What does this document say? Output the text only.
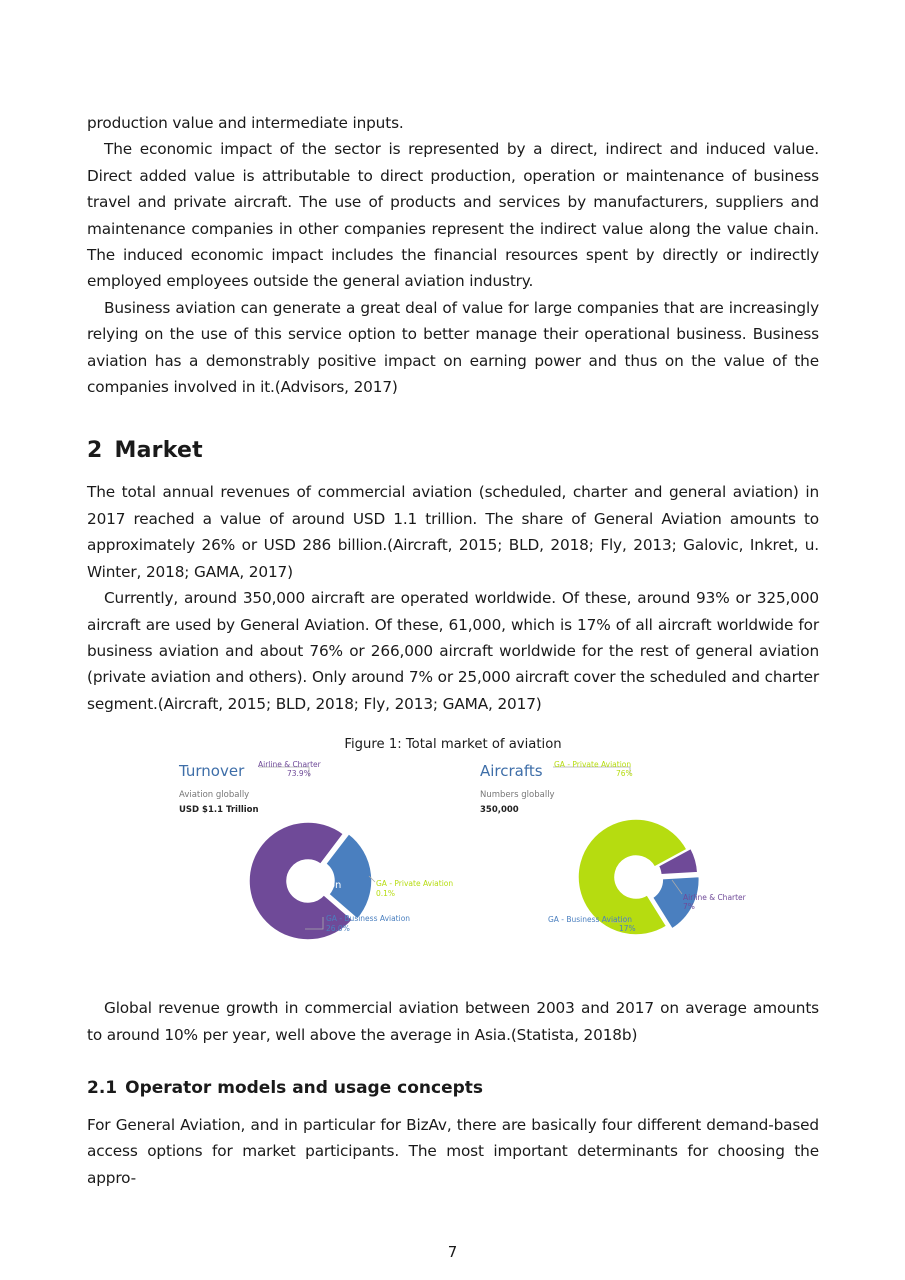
production value and intermediate inputs.

The economic impact of the sector is represented by a direct, indirect and induced value. Direct added value is attributable to direct production, operation or maintenance of business travel and private aircraft. The use of products and services by manufacturers, suppliers and maintenance companies in other companies represent the indirect value along the value chain. The induced economic impact includes the financial resources spent by directly or indirectly employed employees outside the general aviation industry.

Business aviation can generate a great deal of value for large companies that are increasingly relying on the use of this service option to better manage their operational business. Business aviation has a demonstrably positive impact on earning power and thus on the value of the companies involved in it.(Advisors, 2017)

2 Market

The total annual revenues of commercial aviation (scheduled, charter and general aviation) in 2017 reached a value of around USD 1.1 trillion. The share of General Aviation amounts to approximately 26% or USD 286 billion.(Aircraft, 2015; BLD, 2018; Fly, 2013; Galovic, Inkret, u. Winter, 2018; GAMA, 2017)

Currently, around 350,000 aircraft are operated worldwide. Of these, around 93% or 325,000 aircraft are used by General Aviation. Of these, 61,000, which is 17% of all aircraft worldwide for business aviation and about 76% or 266,000 aircraft worldwide for the rest of general aviation (private aviation and others). Only around 7% or 25,000 aircraft cover the scheduled and charter segment.(Aircraft, 2015; BLD, 2018; Fly, 2013; GAMA, 2017)

Figure 1: Total market of aviation
Turnover
Aviation globally
USD $1.1 Trillion
286 Billion
Airline & Charter
73.9%
GA - Private Aviation
0.1%
GA - Business Aviation
26.0%
Aircrafts
Numbers globally
350,000
61,000
GA - Private Aviation
76%
Airline & Charter
7%
GA - Business Aviation
17%

Global revenue growth in commercial aviation between 2003 and 2017 on average amounts to around 10% per year, well above the average in Asia.(Statista, 2018b)

2.1 Operator models and usage concepts

For General Aviation, and in particular for BizAv, there are basically four different demand-based access options for market participants. The most important determinants for choosing the appro-

7
